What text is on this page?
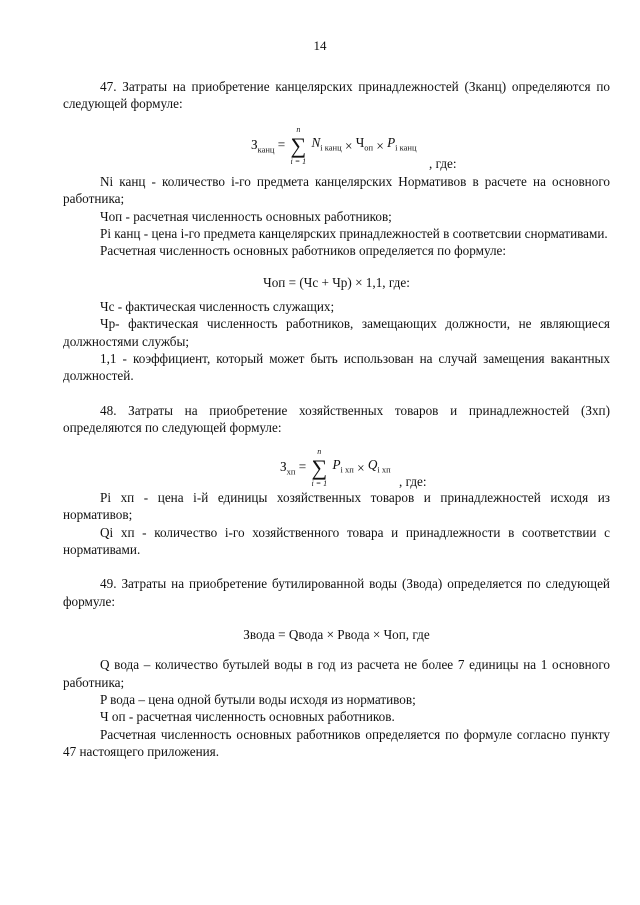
14

47. Затраты на приобретение канцелярских принадлежностей (Зканц) определяются по следующей формуле:

$З_{канц}$ =
n
∑
i = 1
$N_{i канц} \times Ч_{оп} \times P_{i канц}$
, где:

Ni канц - количество i-го предмета канцелярских Нормативов в расчете на основного работника;

Чоп - расчетная численность основных работников;

Pi канц - цена i-го предмета канцелярских принадлежностей в соответсвии снормативами.

Расчетная численность основных работников определяется по формуле:

Чоп = (Чс + Чр) × 1,1, где:

Чс - фактическая численность служащих;

Чр- фактическая численность работников, замещающих должности, не являющиеся должностями службы;

1,1 - коэффициент, который может быть использован на случай замещения вакантных должностей.

48. Затраты на приобретение хозяйственных товаров и принадлежностей (Зхп) определяются по следующей формуле:

$З_{хп}$ =
n
∑
i = 1
$P_{i хп} \times Q_{i хп}$
, где:

Pi хп - цена i-й единицы хозяйственных товаров и принадлежностей исходя из нормативов;

Qi хп - количество i-го хозяйственного товара и принадлежности в соответствии с нормативами.

49. Затраты на приобретение бутилированной воды (Звода) определяется по следующей формуле:

Звода = Qвода × Рвода × Чоп, где

Q вода – количество бутылей воды в год из расчета не более 7 единицы на 1 основного работника;

P вода – цена одной бутыли воды исходя из нормативов;

Ч оп - расчетная численность основных работников.

Расчетная численность основных работников определяется по формуле согласно пункту 47 настоящего приложения.
